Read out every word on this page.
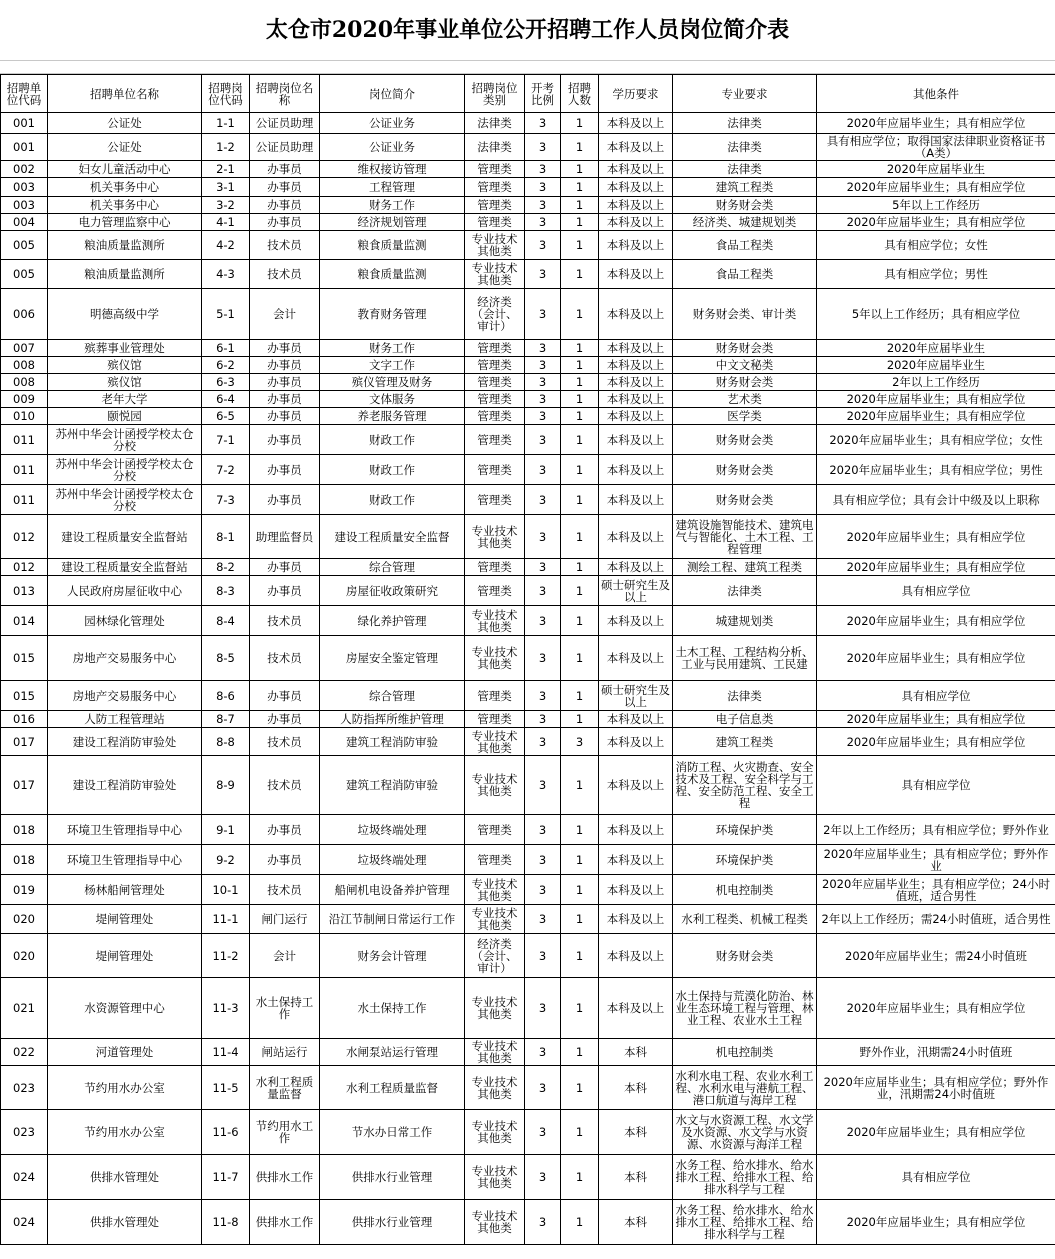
太仓市2020年事业单位公开招聘工作人员岗位简介表
招聘单位代码	招聘单位名称	招聘岗位代码	招聘岗位名称	岗位简介	招聘岗位类别	开考比例	招聘人数	学历要求	专业要求	其他条件
001	公证处	1-1	公证员助理	公证业务	法律类	3	1	本科及以上	法律类	2020年应届毕业生；具有相应学位
001	公证处	1-2	公证员助理	公证业务	法律类	3	1	本科及以上	法律类	具有相应学位；取得国家法律职业资格证书（A类）
002	妇女儿童活动中心	2-1	办事员	维权接访管理	管理类	3	1	本科及以上	法律类	2020年应届毕业生
003	机关事务中心	3-1	办事员	工程管理	管理类	3	1	本科及以上	建筑工程类	2020年应届毕业生；具有相应学位
003	机关事务中心	3-2	办事员	财务工作	管理类	3	1	本科及以上	财务财会类	5年以上工作经历
004	电力管理监察中心	4-1	办事员	经济规划管理	管理类	3	1	本科及以上	经济类、城建规划类	2020年应届毕业生；具有相应学位
005	粮油质量监测所	4-2	技术员	粮食质量监测	专业技术其他类	3	1	本科及以上	食品工程类	具有相应学位；女性
005	粮油质量监测所	4-3	技术员	粮食质量监测	专业技术其他类	3	1	本科及以上	食品工程类	具有相应学位；男性
006	明德高级中学	5-1	会计	教育财务管理	经济类（会计、审计）	3	1	本科及以上	财务财会类、审计类	5年以上工作经历；具有相应学位
007	殡葬事业管理处	6-1	办事员	财务工作	管理类	3	1	本科及以上	财务财会类	2020年应届毕业生
008	殡仪馆	6-2	办事员	文字工作	管理类	3	1	本科及以上	中文文秘类	2020年应届毕业生
008	殡仪馆	6-3	办事员	殡仪管理及财务	管理类	3	1	本科及以上	财务财会类	2年以上工作经历
009	老年大学	6-4	办事员	文体服务	管理类	3	1	本科及以上	艺术类	2020年应届毕业生；具有相应学位
010	颐悦园	6-5	办事员	养老服务管理	管理类	3	1	本科及以上	医学类	2020年应届毕业生；具有相应学位
011	苏州中华会计函授学校太仓分校	7-1	办事员	财政工作	管理类	3	1	本科及以上	财务财会类	2020年应届毕业生；具有相应学位；女性
011	苏州中华会计函授学校太仓分校	7-2	办事员	财政工作	管理类	3	1	本科及以上	财务财会类	2020年应届毕业生；具有相应学位；男性
011	苏州中华会计函授学校太仓分校	7-3	办事员	财政工作	管理类	3	1	本科及以上	财务财会类	具有相应学位；具有会计中级及以上职称
012	建设工程质量安全监督站	8-1	助理监督员	建设工程质量安全监督	专业技术其他类	3	1	本科及以上	建筑设施智能技术、建筑电气与智能化、土木工程、工程管理	2020年应届毕业生；具有相应学位
012	建设工程质量安全监督站	8-2	办事员	综合管理	管理类	3	1	本科及以上	测绘工程、建筑工程类	2020年应届毕业生；具有相应学位
013	人民政府房屋征收中心	8-3	办事员	房屋征收政策研究	管理类	3	1	硕士研究生及以上	法律类	具有相应学位
014	园林绿化管理处	8-4	技术员	绿化养护管理	专业技术其他类	3	1	本科及以上	城建规划类	2020年应届毕业生；具有相应学位
015	房地产交易服务中心	8-5	技术员	房屋安全鉴定管理	专业技术其他类	3	1	本科及以上	土木工程、工程结构分析、工业与民用建筑、工民建	2020年应届毕业生；具有相应学位
015	房地产交易服务中心	8-6	办事员	综合管理	管理类	3	1	硕士研究生及以上	法律类	具有相应学位
016	人防工程管理站	8-7	办事员	人防指挥所维护管理	管理类	3	1	本科及以上	电子信息类	2020年应届毕业生；具有相应学位
017	建设工程消防审验处	8-8	技术员	建筑工程消防审验	专业技术其他类	3	3	本科及以上	建筑工程类	2020年应届毕业生；具有相应学位
017	建设工程消防审验处	8-9	技术员	建筑工程消防审验	专业技术其他类	3	1	本科及以上	消防工程、火灾勘查、安全技术及工程、安全科学与工程、安全防范工程、安全工程	具有相应学位
018	环境卫生管理指导中心	9-1	办事员	垃圾终端处理	管理类	3	1	本科及以上	环境保护类	2年以上工作经历；具有相应学位；野外作业
018	环境卫生管理指导中心	9-2	办事员	垃圾终端处理	管理类	3	1	本科及以上	环境保护类	2020年应届毕业生；具有相应学位；野外作业
019	杨林船闸管理处	10-1	技术员	船闸机电设备养护管理	专业技术其他类	3	1	本科及以上	机电控制类	2020年应届毕业生；具有相应学位；24小时值班，适合男性
020	堤闸管理处	11-1	闸门运行	沿江节制闸日常运行工作	专业技术其他类	3	1	本科及以上	水利工程类、机械工程类	2年以上工作经历；需24小时值班，适合男性
020	堤闸管理处	11-2	会计	财务会计管理	经济类（会计、审计）	3	1	本科及以上	财务财会类	2020年应届毕业生；需24小时值班
021	水资源管理中心	11-3	水土保持工作	水土保持工作	专业技术其他类	3	1	本科及以上	水土保持与荒漠化防治、林业生态环境工程与管理、林业工程、农业水土工程	2020年应届毕业生；具有相应学位
022	河道管理处	11-4	闸站运行	水闸泵站运行管理	专业技术其他类	3	1	本科	机电控制类	野外作业，汛期需24小时值班
023	节约用水办公室	11-5	水利工程质量监督	水利工程质量监督	专业技术其他类	3	1	本科	水利水电工程、农业水利工程、水利水电与港航工程、港口航道与海岸工程	2020年应届毕业生；具有相应学位；野外作业，汛期需24小时值班
023	节约用水办公室	11-6	节约用水工作	节水办日常工作	专业技术其他类	3	1	本科	水文与水资源工程、水文学及水资源、水文学与水资源、水资源与海洋工程	2020年应届毕业生；具有相应学位
024	供排水管理处	11-7	供排水工作	供排水行业管理	专业技术其他类	3	1	本科	水务工程、给水排水、给水排水工程、给排水工程、给排水科学与工程	具有相应学位
024	供排水管理处	11-8	供排水工作	供排水行业管理	专业技术其他类	3	1	本科	水务工程、给水排水、给水排水工程、给排水工程、给排水科学与工程	2020年应届毕业生；具有相应学位
